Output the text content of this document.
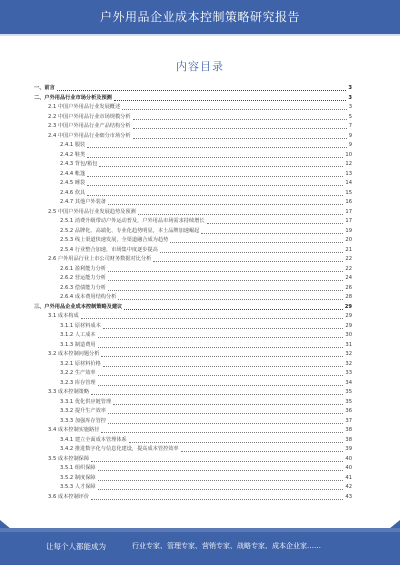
户外用品企业成本控制策略研究报告
内容目录
一、前言	3
二、户外用品行业市场分析及预测	3
2.1 中国户外用品行业发展概述	3
2.2 中国户外用品行业市场规模分析	5
2.3 中国户外用品行业产品结构分析	7
2.4 中国户外用品行业细分市场分析	9
2.4.1 服装	9
2.4.2 鞋类	10
2.4.3 背包/箱包	12
2.4.4 帐篷	13
2.4.5 睡袋	14
2.4.6 炊具	15
2.4.7 其他户外装备	16
2.5 中国户外用品行业发展趋势及预测	17
2.5.1 消费升级带动户外运动普及，户外用品市场需求持续增长	17
2.5.2 品牌化、高端化、专业化趋势明显，本土品牌加速崛起	19
2.5.3 线上渠道快速发展，全渠道融合成为趋势	20
2.5.4 行业整合加速，市场集中度逐步提高	21
2.6 户外用品行业上市公司财务数据对比分析	22
2.6.1 盈利能力分析	22
2.6.2 营运能力分析	24
2.6.3 偿债能力分析	26
2.6.4 成本费用结构分析	28
三、户外用品企业成本控制策略及建议	29
3.1 成本构成	29
3.1.1 原材料成本	29
3.1.2 人工成本	30
3.1.3 制造费用	31
3.2 成本控制问题分析	32
3.2.1 原材料价格	32
3.2.2 生产效率	33
3.2.3 库存管理	34
3.3 成本控制策略	35
3.3.1 优化供应链管理	35
3.3.2 提升生产效率	36
3.3.3 加强库存管控	37
3.4 成本控制实施路径	38
3.4.1 建立全面成本管理体系	38
3.4.2 推进数字化与信息化建设，提高成本管控效率	39
3.5 成本控制保障	40
3.5.1 组织保障	40
3.5.2 制度保障	41
3.5.3 人才保障	42
3.6 成本控制评价	43
让每个人都能成为	行业专家、管理专家、营销专家、战略专家、成本企业家……
